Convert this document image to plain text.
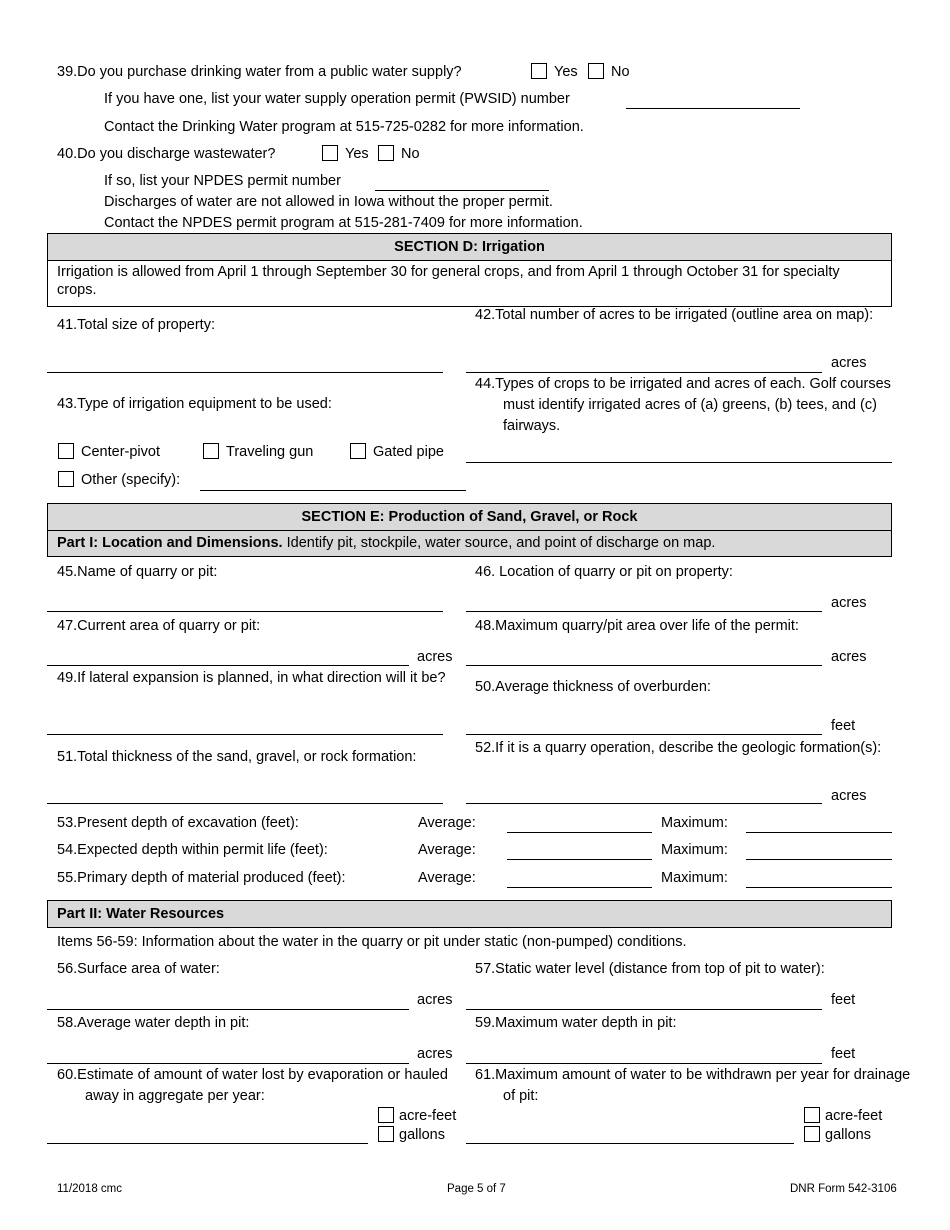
39.Do you purchase drinking water from a public water supply?	Yes No
If you have one, list your water supply operation permit (PWSID) number
Contact the Drinking Water program at 515-725-0282 for more information.
40.Do you discharge wastewater?	Yes No
If so, list your NPDES permit number
Discharges of water are not allowed in Iowa without the proper permit.
Contact the NPDES permit program at 515-281-7409 for more information.
SECTION D: Irrigation
Irrigation is allowed from April 1 through September 30 for general crops, and from April 1 through October 31 for specialty crops.
41.Total size of property:
42.Total number of acres to be irrigated (outline area on map):
acres
43.Type of irrigation equipment to be used:
44.Types of crops to be irrigated and acres of each. Golf courses must identify irrigated acres of (a) greens, (b) tees, and (c) fairways.
Center-pivot	Traveling gun	Gated pipe
Other (specify):
SECTION E: Production of Sand, Gravel, or Rock
Part I: Location and Dimensions. Identify pit, stockpile, water source, and point of discharge on map.
45.Name of quarry or pit:	46. Location of quarry or pit on property:
acres
47.Current area of quarry or pit:
acres
48.Maximum quarry/pit area over life of the permit:
acres
49.If lateral expansion is planned, in what direction will it be?
50.Average thickness of overburden:
feet
51.Total thickness of the sand, gravel, or rock formation:
52.If it is a quarry operation, describe the geologic formation(s):
acres
53.Present depth of excavation (feet):	Average:	Maximum:
54.Expected depth within permit life (feet):	Average:	Maximum:
55.Primary depth of material produced (feet):	Average:	Maximum:
Part II: Water Resources
Items 56-59: Information about the water in the quarry or pit under static (non-pumped) conditions.
56.Surface area of water:
acres
57.Static water level (distance from top of pit to water):
feet
58.Average water depth in pit:
acres
59.Maximum water depth in pit:
feet
60.Estimate of amount of water lost by evaporation or hauled away in aggregate per year:
acre-feet
gallons
61.Maximum amount of water to be withdrawn per year for drainage of pit:
acre-feet
gallons
11/2018 cmc	Page 5 of 7	DNR Form 542-3106
